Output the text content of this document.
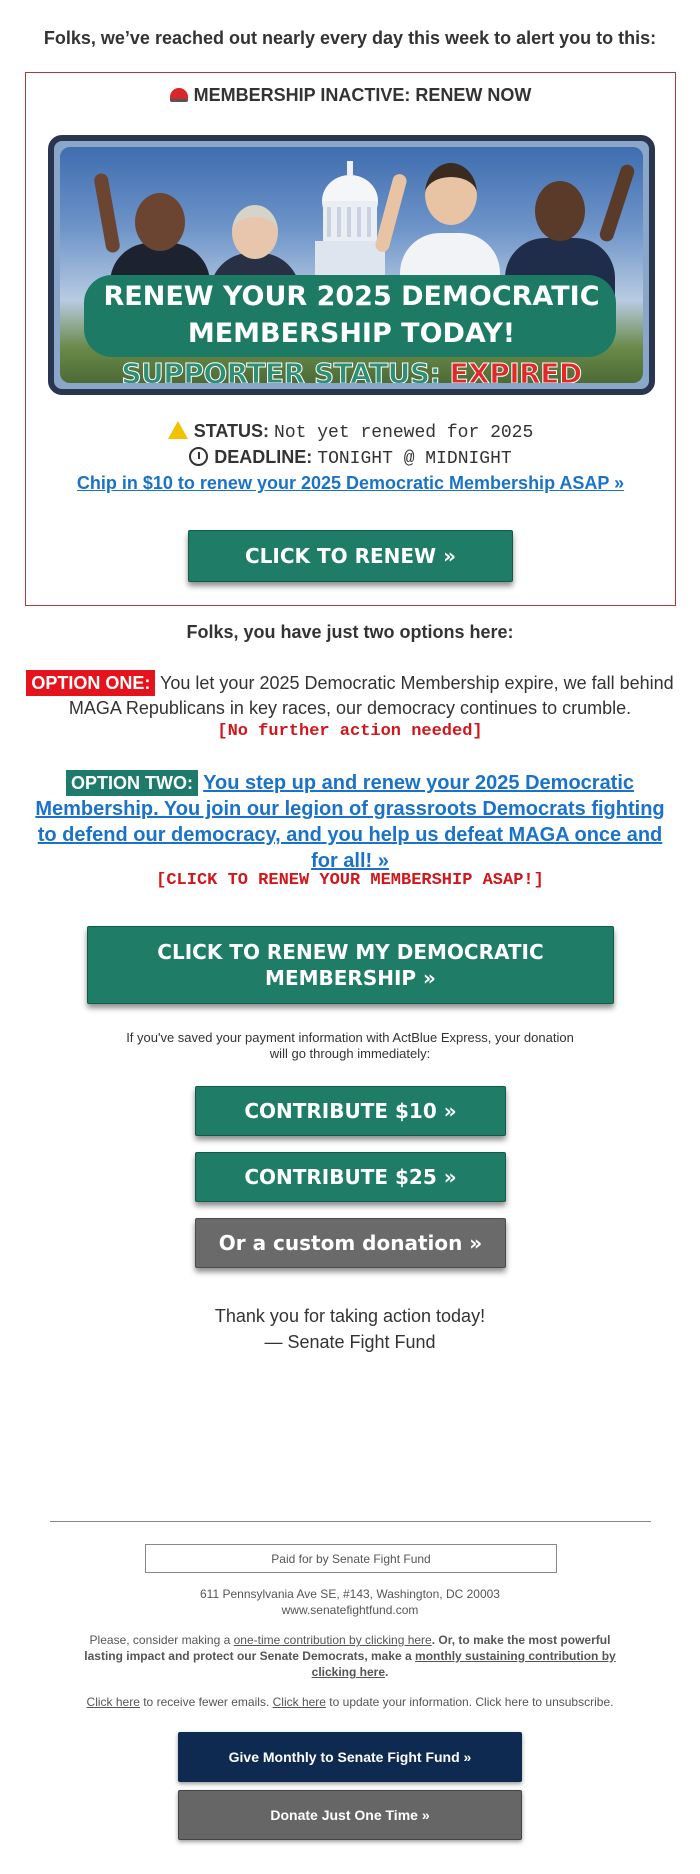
Folks, we’ve reached out nearly every day this week to alert you to this:
MEMBERSHIP INACTIVE: RENEW NOW
RENEW YOUR 2025 DEMOCRATIC
MEMBERSHIP TODAY!
SUPPORTER STATUS: EXPIRED
STATUS: Not yet renewed for 2025
DEADLINE: TONIGHT @ MIDNIGHT
Chip in $10 to renew your 2025 Democratic Membership ASAP »
CLICK TO RENEW »
Folks, you have just two options here:
OPTION ONE: You let your 2025 Democratic Membership expire, we fall behind MAGA Republicans in key races, our democracy continues to crumble.
[No further action needed]
OPTION TWO: You step up and renew your 2025 Democratic Membership. You join our legion of grassroots Democrats fighting to defend our democracy, and you help us defeat MAGA once and for all! »
[CLICK TO RENEW YOUR MEMBERSHIP ASAP!]
CLICK TO RENEW MY DEMOCRATIC MEMBERSHIP »
If you've saved your payment information with ActBlue Express, your donation will go through immediately:
CONTRIBUTE $10 »
CONTRIBUTE $25 »
Or a custom donation »
Thank you for taking action today!
— Senate Fight Fund
Paid for by Senate Fight Fund
611 Pennsylvania Ave SE, #143, Washington, DC 20003
www.senatefightfund.com
Please, consider making a one-time contribution by clicking here. Or, to make the most powerful lasting impact and protect our Senate Democrats, make a monthly sustaining contribution by clicking here.
Click here to receive fewer emails. Click here to update your information. Click here to unsubscribe.
Give Monthly to Senate Fight Fund »
Donate Just One Time »
